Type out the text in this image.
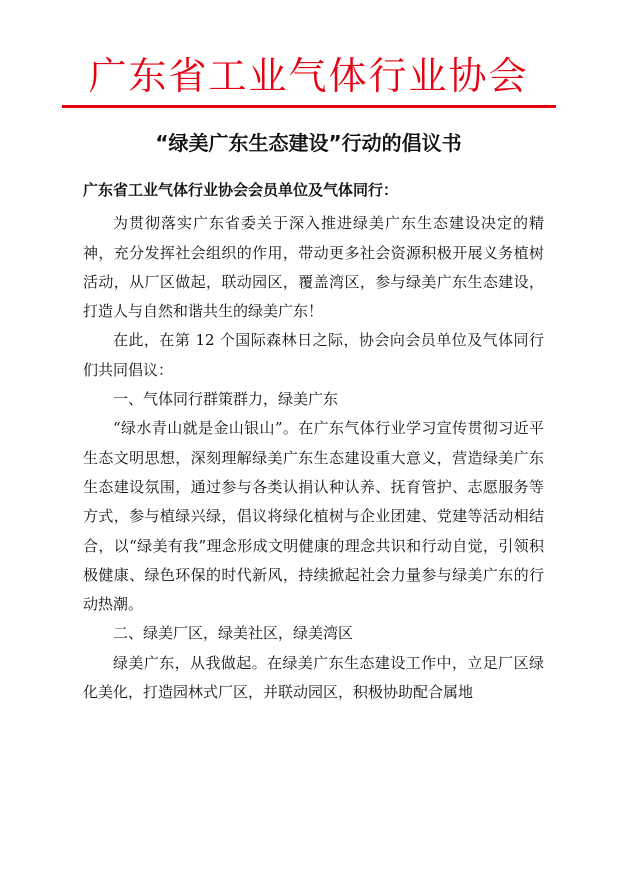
广东省工业气体行业协会
“绿美广东生态建设”行动的倡议书

广东省工业气体行业协会会员单位及气体同行：

为贯彻落实广东省委关于深入推进绿美广东生态建设决定的精神，充分发挥社会组织的作用，带动更多社会资源积极开展义务植树活动，从厂区做起，联动园区，覆盖湾区，参与绿美广东生态建设，打造人与自然和谐共生的绿美广东！

在此，在第 12 个国际森林日之际，协会向会员单位及气体同行们共同倡议：

一、气体同行群策群力，绿美广东

“绿水青山就是金山银山”。在广东气体行业学习宣传贯彻习近平生态文明思想，深刻理解绿美广东生态建设重大意义，营造绿美广东生态建设氛围，通过参与各类认捐认种认养、抚育管护、志愿服务等方式，参与植绿兴绿，倡议将绿化植树与企业团建、党建等活动相结合，以“绿美有我”理念形成文明健康的理念共识和行动自觉，引领积极健康、绿色环保的时代新风，持续掀起社会力量参与绿美广东的行动热潮。

二、绿美厂区，绿美社区，绿美湾区

绿美广东，从我做起。在绿美广东生态建设工作中，立足厂区绿化美化，打造园林式厂区，并联动园区，积极协助配合属地
